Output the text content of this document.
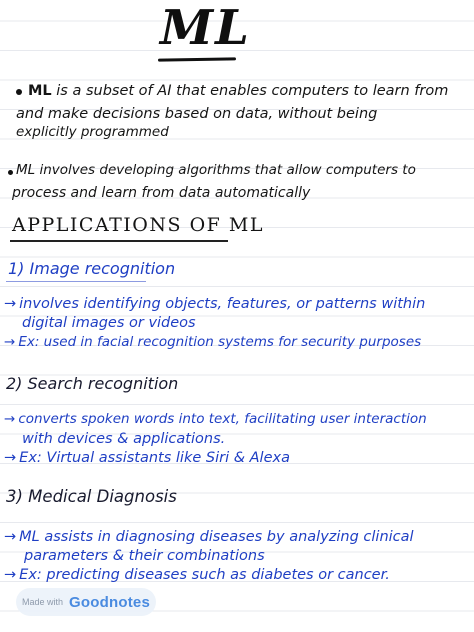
ML
ML is a subset of AI that enables computers to learn from
and make decisions based on data, without being
explicitly programmed
ML involves developing algorithms that allow computers to
process and learn from data automatically
APPLICATIONS OF ML
1) Image recognition
→ involves identifying objects, features, or patterns within
digital images or videos
→ Ex: used in facial recognition systems for security purposes
2) Search recognition
→ converts spoken words into text, facilitating user interaction
with devices & applications.
→ Ex: Virtual assistants like Siri & Alexa
3) Medical Diagnosis
→ ML assists in diagnosing diseases by analyzing clinical
parameters & their combinations
→ Ex: predicting diseases such as diabetes or cancer.
Made with Goodnotes
